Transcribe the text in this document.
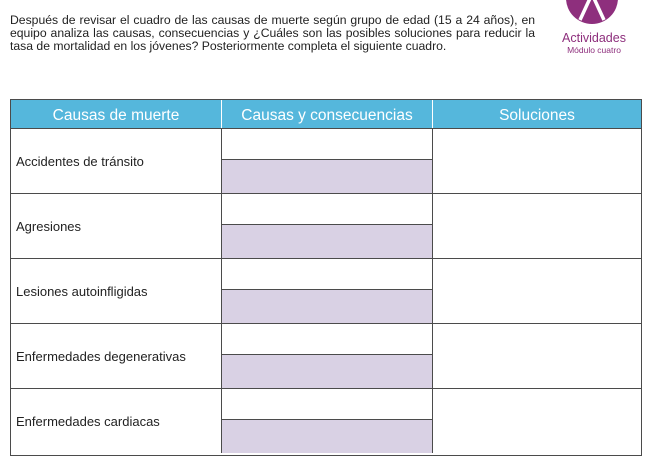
Después de revisar el cuadro de las causas de muerte según grupo de edad (15 a 24 años), en equipo analiza las causas, consecuencias y ¿Cuáles son las posibles soluciones para reducir la tasa de mortalidad en los jóvenes? Posteriormente completa el siguiente cuadro.

Actividades
Módulo cuatro
Causas de muerte	Causas y consecuencias	Soluciones
Accidentes de tránsito
Agresiones
Lesiones autoinfligidas
Enfermedades degenerativas
Enfermedades cardiacas
